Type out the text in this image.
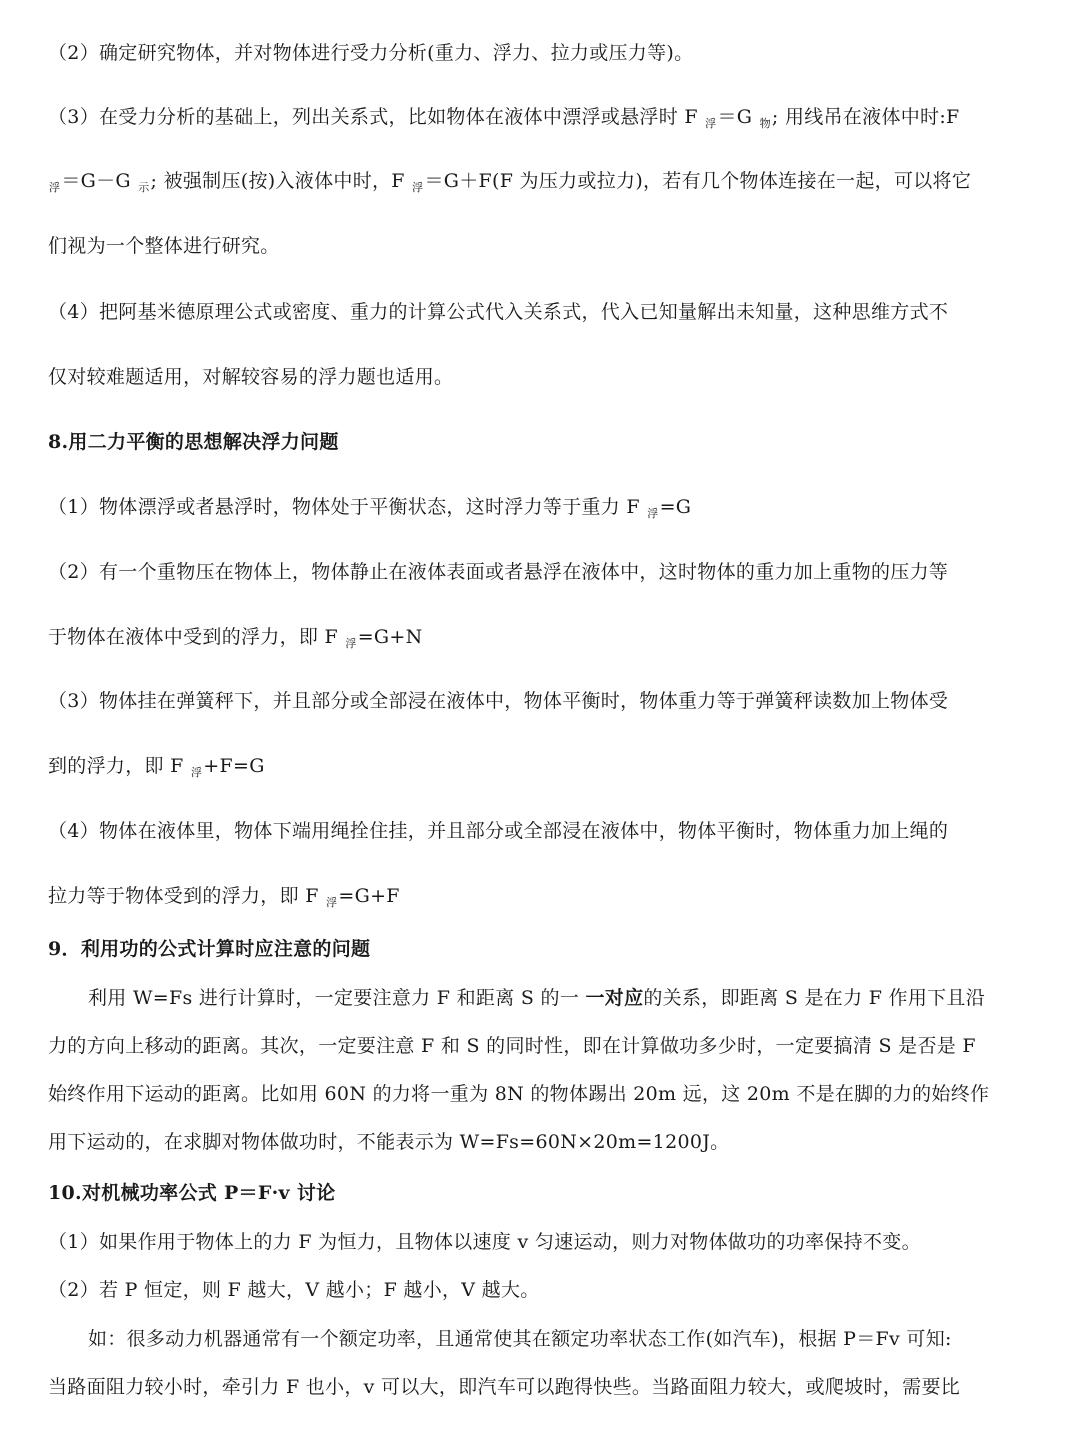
（2）确定研究物体，并对物体进行受力分析(重力、浮力、拉力或压力等)。
（3）在受力分析的基础上，列出关系式，比如物体在液体中漂浮或悬浮时 F $_浮$＝G $_物$; 用线吊在液体中时:F
$_浮$＝G－G $_示$; 被强制压(按)入液体中时，F $_浮$＝G＋F(F 为压力或拉力)，若有几个物体连接在一起，可以将它
们视为一个整体进行研究。
（4）把阿基米德原理公式或密度、重力的计算公式代入关系式，代入已知量解出未知量，这种思维方式不
仅对较难题适用，对解较容易的浮力题也适用。
8.用二力平衡的思想解决浮力问题
（1）物体漂浮或者悬浮时，物体处于平衡状态，这时浮力等于重力 F $_浮$=G
（2）有一个重物压在物体上，物体静止在液体表面或者悬浮在液体中，这时物体的重力加上重物的压力等
于物体在液体中受到的浮力，即 F $_浮$=G+N
（3）物体挂在弹簧秤下，并且部分或全部浸在液体中，物体平衡时，物体重力等于弹簧秤读数加上物体受
到的浮力，即 F $_浮$+F=G
（4）物体在液体里，物体下端用绳拴住挂，并且部分或全部浸在液体中，物体平衡时，物体重力加上绳的
拉力等于物体受到的浮力，即 F $_浮$=G+F
9．利用功的公式计算时应注意的问题
利用 W=Fs 进行计算时，一定要注意力 F 和距离 S 的一 一对应的关系，即距离 S 是在力 F 作用下且沿
力的方向上移动的距离。其次，一定要注意 F 和 S 的同时性，即在计算做功多少时，一定要搞清 S 是否是 F
始终作用下运动的距离。比如用 60N 的力将一重为 8N 的物体踢出 20m 远，这 20m 不是在脚的力的始终作
用下运动的，在求脚对物体做功时，不能表示为 W=Fs=60N×20m=1200J。
10.对机械功率公式 P＝F·v 讨论
（1）如果作用于物体上的力 F 为恒力，且物体以速度 v 匀速运动，则力对物体做功的功率保持不变。
（2）若 P 恒定，则 F 越大，V 越小；F 越小，V 越大。
如：很多动力机器通常有一个额定功率，且通常使其在额定功率状态工作(如汽车)，根据 P＝Fv 可知:
当路面阻力较小时，牵引力 F 也小，v 可以大，即汽车可以跑得快些。当路面阻力较大，或爬坡时，需要比
